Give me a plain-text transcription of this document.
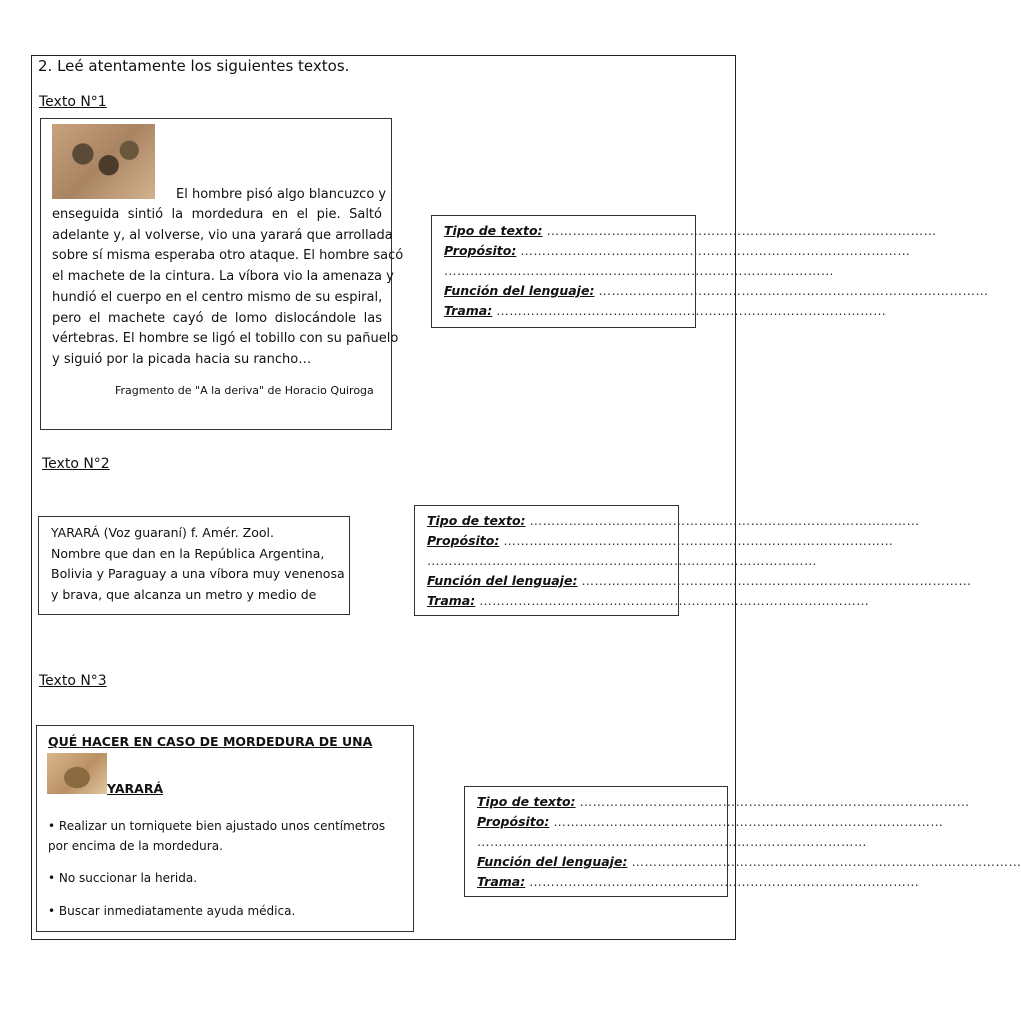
2. Leé atentamente los siguientes textos.
Texto N°1
El hombre pisó algo blancuzco y
enseguida sintió la mordedura en el pie. Saltó
adelante y, al volverse, vio una yarará que arrollada
sobre sí misma esperaba otro ataque. El hombre sacó
el machete de la cintura. La víbora vio la amenaza y
hundió el cuerpo en el centro mismo de su espiral,
pero el machete cayó de lomo dislocándole las
vértebras. El hombre se ligó el tobillo con su pañuelo
y siguió por la picada hacia su rancho…
Fragmento de "A la deriva" de Horacio Quiroga
Tipo de texto: ………………………………………………………………………………
Propósito: ………………………………………………………………………………
………………………………………………………………………………
Función del lenguaje: ………………………………………………………………………………
Trama: ………………………………………………………………………………
Texto N°2
YARARÁ (Voz guaraní) f. Amér. Zool.
Nombre que dan en la República Argentina,
Bolivia y Paraguay a una víbora muy venenosa
y brava, que alcanza un metro y medio de
Tipo de texto: ………………………………………………………………………………
Propósito: ………………………………………………………………………………
………………………………………………………………………………
Función del lenguaje: ………………………………………………………………………………
Trama: ………………………………………………………………………………
Texto N°3
QUÉ HACER EN CASO DE MORDEDURA DE UNA
YARARÁ
• Realizar un torniquete bien ajustado unos centímetros
por encima de la mordedura.
• No succionar la herida.
• Buscar inmediatamente ayuda médica.
Tipo de texto: ………………………………………………………………………………
Propósito: ………………………………………………………………………………
………………………………………………………………………………
Función del lenguaje: ………………………………………………………………………………
Trama: ………………………………………………………………………………
